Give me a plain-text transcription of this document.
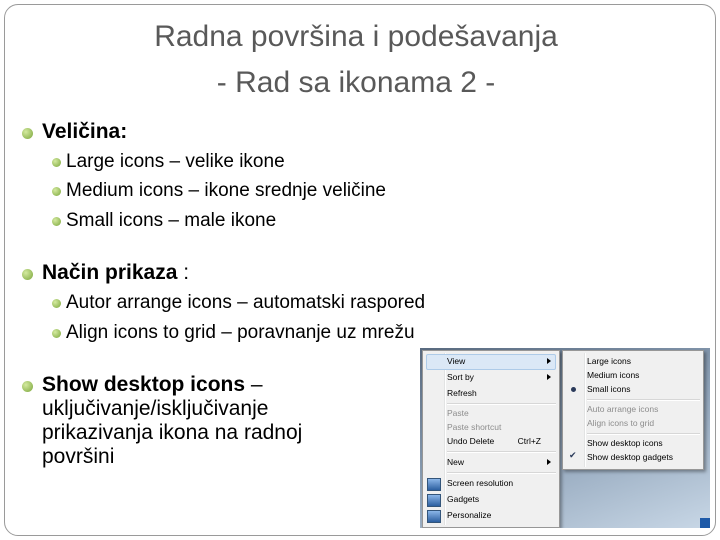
Radna površina i podešavanja
- Rad sa ikonama 2 -
Veličina:
Large icons – velike ikone
Medium icons – ikone srednje veličine
Small icons – male ikone
Način prikaza :
Autor arrange icons – automatski raspored
Align icons to grid – poravnanje uz mrežu
Show desktop icons – uključivanje/isključivanje prikazivanja ikona na radnoj površini
View
Sort by
Refresh
Paste
Paste shortcut
Undo Delete	Ctrl+Z
New
Screen resolution
Gadgets
Personalize
Large icons
Medium icons
Small icons
Auto arrange icons
Align icons to grid
Show desktop icons
✔ Show desktop gadgets
